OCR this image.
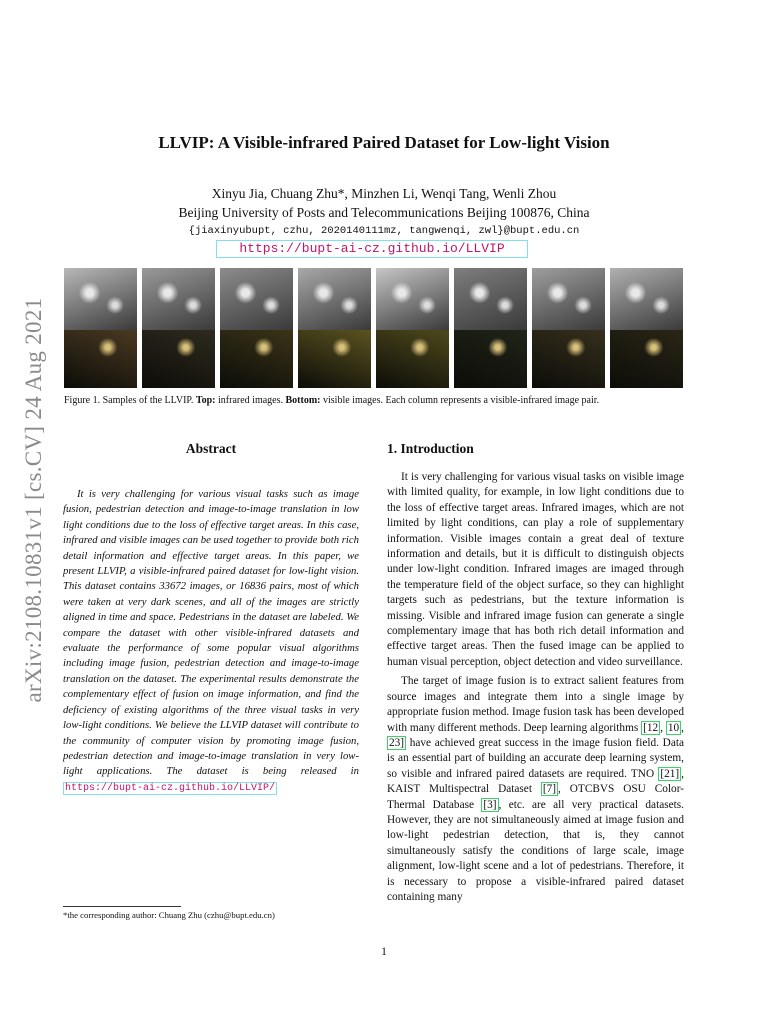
arXiv:2108.10831v1 [cs.CV] 24 Aug 2021
LLVIP: A Visible-infrared Paired Dataset for Low-light Vision
Xinyu Jia, Chuang Zhu*, Minzhen Li, Wenqi Tang, Wenli Zhou
Beijing University of Posts and Telecommunications Beijing 100876, China
{jiaxinyubupt, czhu, 2020140111mz, tangwenqi, zwl}@bupt.edu.cn
https://bupt-ai-cz.github.io/LLVIP
Figure 1. Samples of the LLVIP. Top: infrared images. Bottom: visible images. Each column represents a visible-infrared image pair.
Abstract
It is very challenging for various visual tasks such as image fusion, pedestrian detection and image-to-image translation in low light conditions due to the loss of effective target areas. In this case, infrared and visible images can be used together to provide both rich detail information and effective target areas. In this paper, we present LLVIP, a visible-infrared paired dataset for low-light vision. This dataset contains 33672 images, or 16836 pairs, most of which were taken at very dark scenes, and all of the images are strictly aligned in time and space. Pedestrians in the dataset are labeled. We compare the dataset with other visible-infrared datasets and evaluate the performance of some popular visual algorithms including image fusion, pedestrian detection and image-to-image translation on the dataset. The experimental results demonstrate the complementary effect of fusion on image information, and find the deficiency of existing algorithms of the three visual tasks in very low-light conditions. We believe the LLVIP dataset will contribute to the community of computer vision by promoting image fusion, pedestrian detection and image-to-image translation in very low-light applications. The dataset is being released in https://bupt-ai-cz.github.io/LLVIP/
*the corresponding author: Chuang Zhu (czhu@bupt.edu.cn)
1. Introduction

It is very challenging for various visual tasks on visible image with limited quality, for example, in low light conditions due to the loss of effective target areas. Infrared images, which are not limited by light conditions, can play a role of supplementary information. Visible images contain a great deal of texture information and details, but it is difficult to distinguish objects under low-light condition. Infrared images are imaged through the temperature field of the object surface, so they can highlight targets such as pedestrians, but the texture information is missing. Visible and infrared image fusion can generate a single complementary image that has both rich detail information and effective target areas. Then the fused image can be applied to human visual perception, object detection and video surveillance.

The target of image fusion is to extract salient features from source images and integrate them into a single image by appropriate fusion method. Image fusion task has been developed with many different methods. Deep learning algorithms [12 , 10 , 23] have achieved great success in the image fusion field. Data is an essential part of building an accurate deep learning system, so visible and infrared paired datasets are required. TNO [21] , KAIST Multispectral Dataset [7] , OTCBVS OSU Color-Thermal Database [3] , etc. are all very practical datasets. However, they are not simultaneously aimed at image fusion and low-light pedestrian detection, that is, they cannot simultaneously satisfy the conditions of large scale, image alignment, low-light scene and a lot of pedestrians. Therefore, it is necessary to propose a visible-infrared paired dataset containing many

1
